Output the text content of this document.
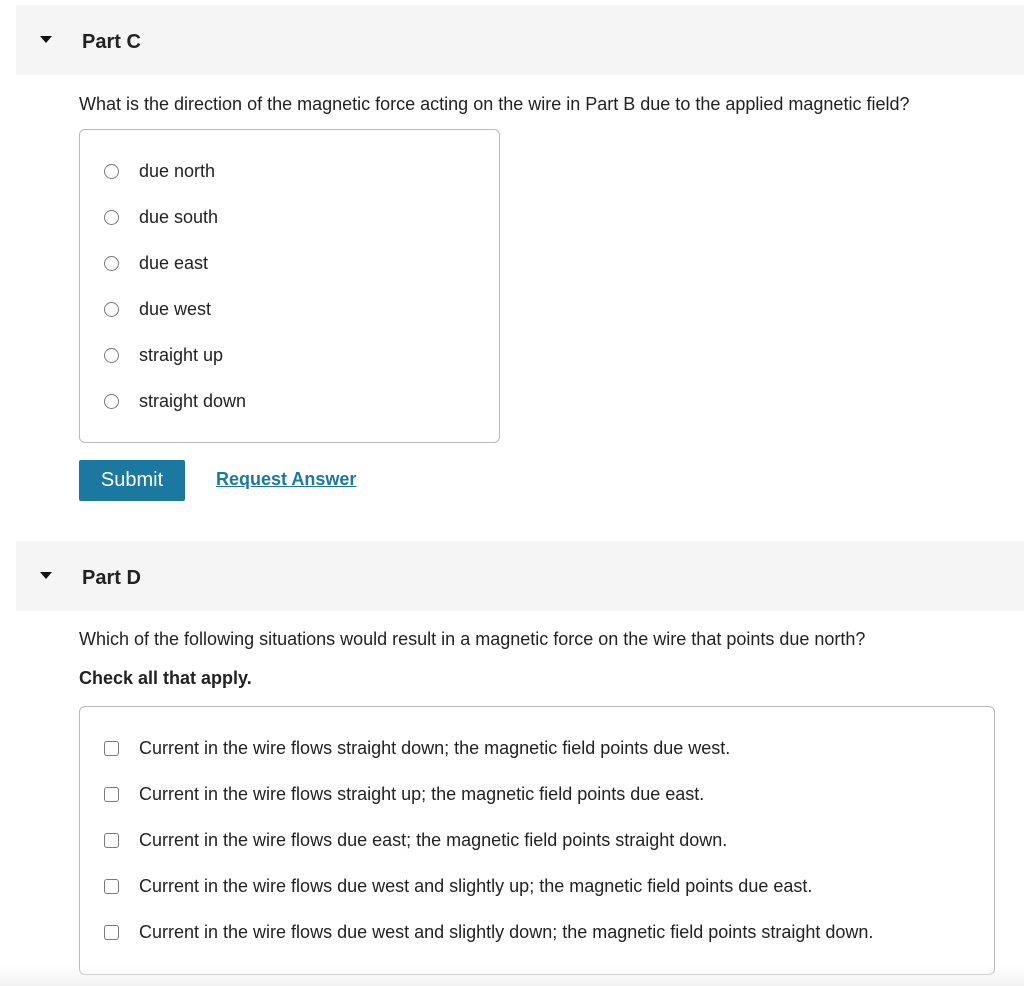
Part C
What is the direction of the magnetic force acting on the wire in Part B due to the applied magnetic field?
due north
due south
due east
due west
straight up
straight down
Submit	Request Answer
Part D
Which of the following situations would result in a magnetic force on the wire that points due north?
Check all that apply.
Current in the wire flows straight down; the magnetic field points due west.
Current in the wire flows straight up; the magnetic field points due east.
Current in the wire flows due east; the magnetic field points straight down.
Current in the wire flows due west and slightly up; the magnetic field points due east.
Current in the wire flows due west and slightly down; the magnetic field points straight down.
